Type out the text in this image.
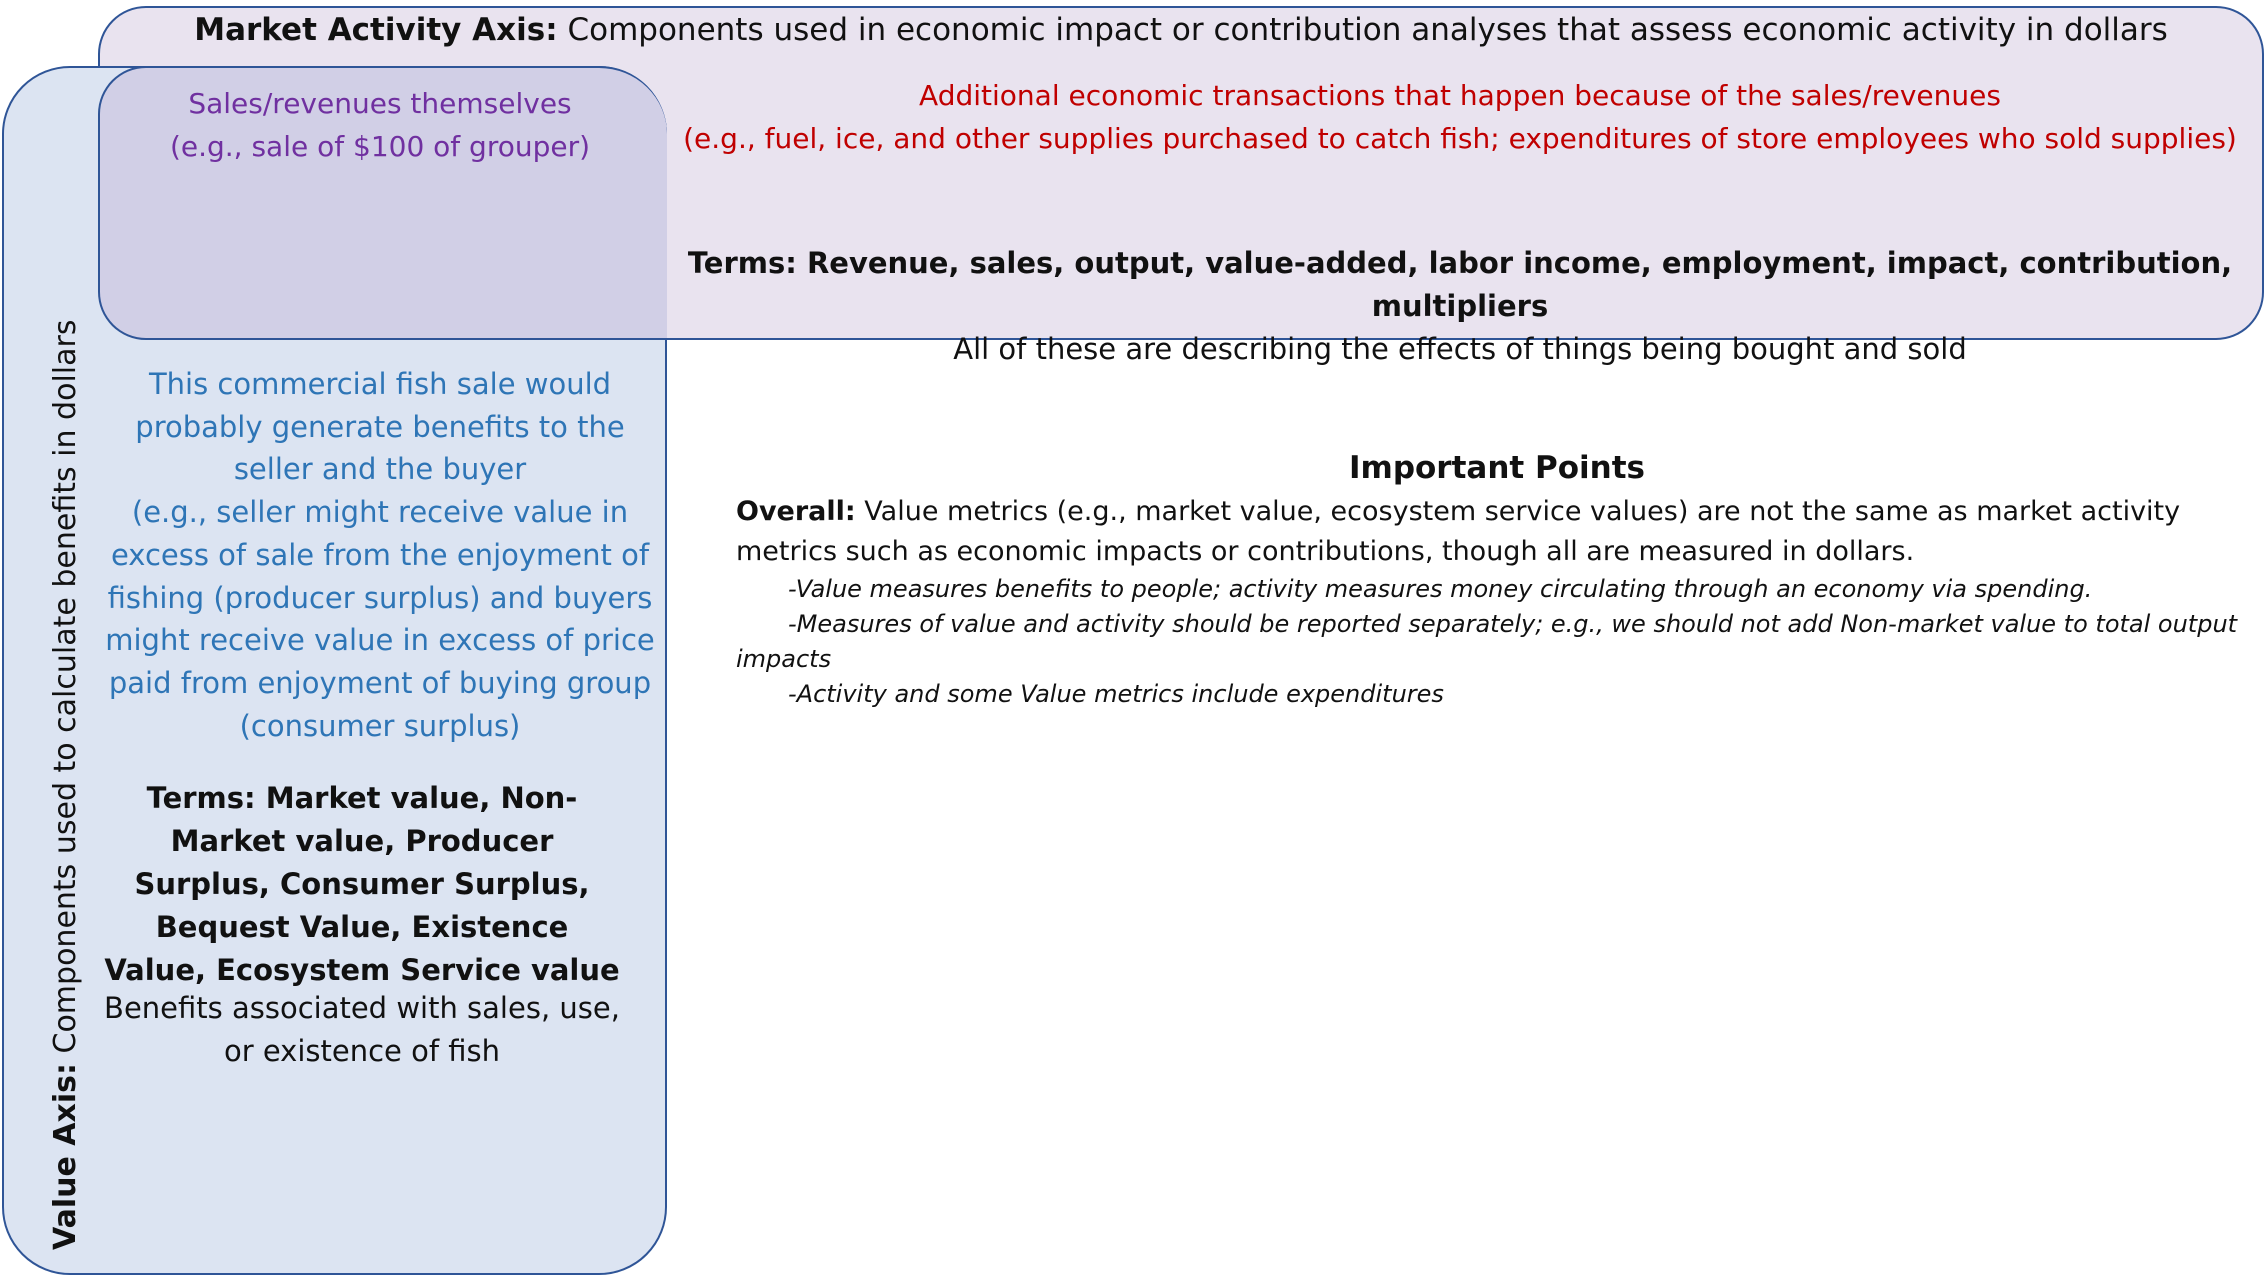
Market Activity Axis: Components used in economic impact or contribution analyses that assess economic activity in dollars
Sales/revenues themselves
(e.g., sale of $100 of grouper)
Additional economic transactions that happen because of the sales/revenues
(e.g., fuel, ice, and other supplies purchased to catch fish; expenditures of store employees who sold supplies)
Terms: Revenue, sales, output, value-added, labor income, employment, impact, contribution, multipliers
All of these are describing the effects of things being bought and sold
Value Axis: Components used to calculate benefits in dollars	This commercial fish sale would probably generate benefits to the seller and the buyer
(e.g., seller might receive value in excess of sale from the enjoyment of fishing (producer surplus) and buyers might receive value in excess of price paid from enjoyment of buying group (consumer surplus)
Terms: Market value, Non-Market value, Producer Surplus, Consumer Surplus, Bequest Value, Existence Value, Ecosystem Service value
Benefits associated with sales, use, or existence of fish
Important Points
Overall: Value metrics (e.g., market value, ecosystem service values) are not the same as market activity metrics such as economic impacts or contributions, though all are measured in dollars.
-Value measures benefits to people; activity measures money circulating through an economy via spending.
-Measures of value and activity should be reported separately; e.g., we should not add Non-market value to total output impacts
-Activity and some Value metrics include expenditures
